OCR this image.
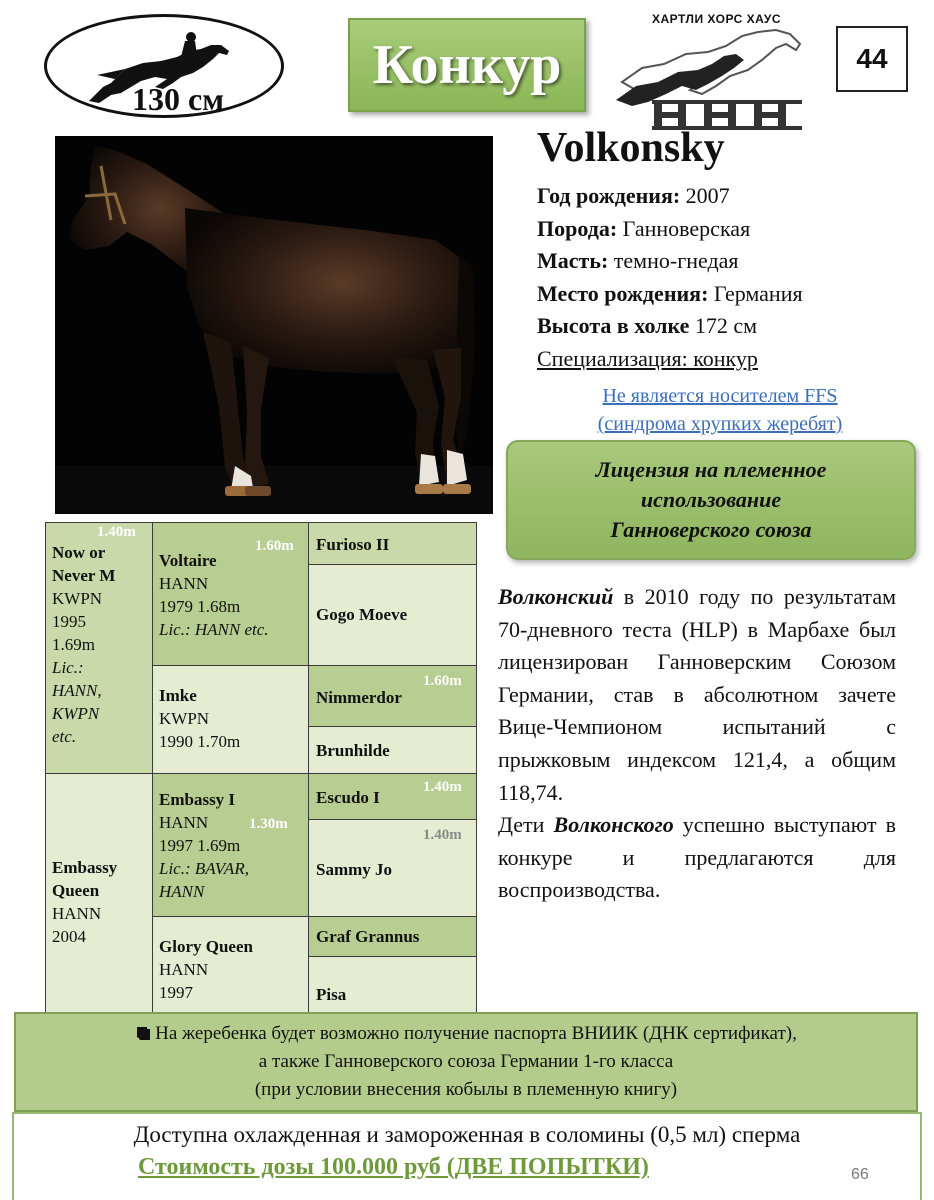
130 см
Конкур
ХАРТЛИ ХОРС ХАУС
44
Volkonsky
Год рождения: 2007
Порода: Ганноверская
Масть: темно-гнедая
Место рождения: Германия
Высота в холке 172 см
Специализация: конкур
Не является носителем FFS
(синдрома хрупких жеребят)
Лицензия на племенное
использование
Ганноверского союза
Now or Never M
KWPN
1995
1.69m
Lic.:
HANN,
KWPN
etc.
1.40m
Voltaire
HANN
1979 1.68m
Lic.: HANN etc.
1.60m
Imke
KWPN
1990 1.70m
Embassy
Queen
HANN
2004
Embassy I
HANN
1997 1.69m
Lic.: BAVAR,
HANN
1.30m
Glory Queen
HANN
1997
Furioso II
Gogo Moeve
Nimmerdor
1.60m
Brunhilde
Escudo I
1.40m
Sammy Jo
1.40m
Graf Grannus
Pisa

Волконский в 2010 году по результатам 70-дневного теста (HLP) в Марбахе был лицензирован Ганноверским Союзом Германии, став в абсолютном зачете Вице-Чемпионом испытаний с прыжковым индексом 121,4, а общим 118,74.

Дети Волконского успешно выступают в конкуре и предлагаются для воспроизводства.

На жеребенка будет возможно получение паспорта ВНИИК (ДНК сертификат),
а также Ганноверского союза Германии 1-го класса
(при условии внесения кобылы в племенную книгу)
Доступна охлажденная и замороженная в соломины (0,5 мл) сперма
Стоимость дозы 100.000 руб (ДВЕ ПОПЫТКИ)	66
